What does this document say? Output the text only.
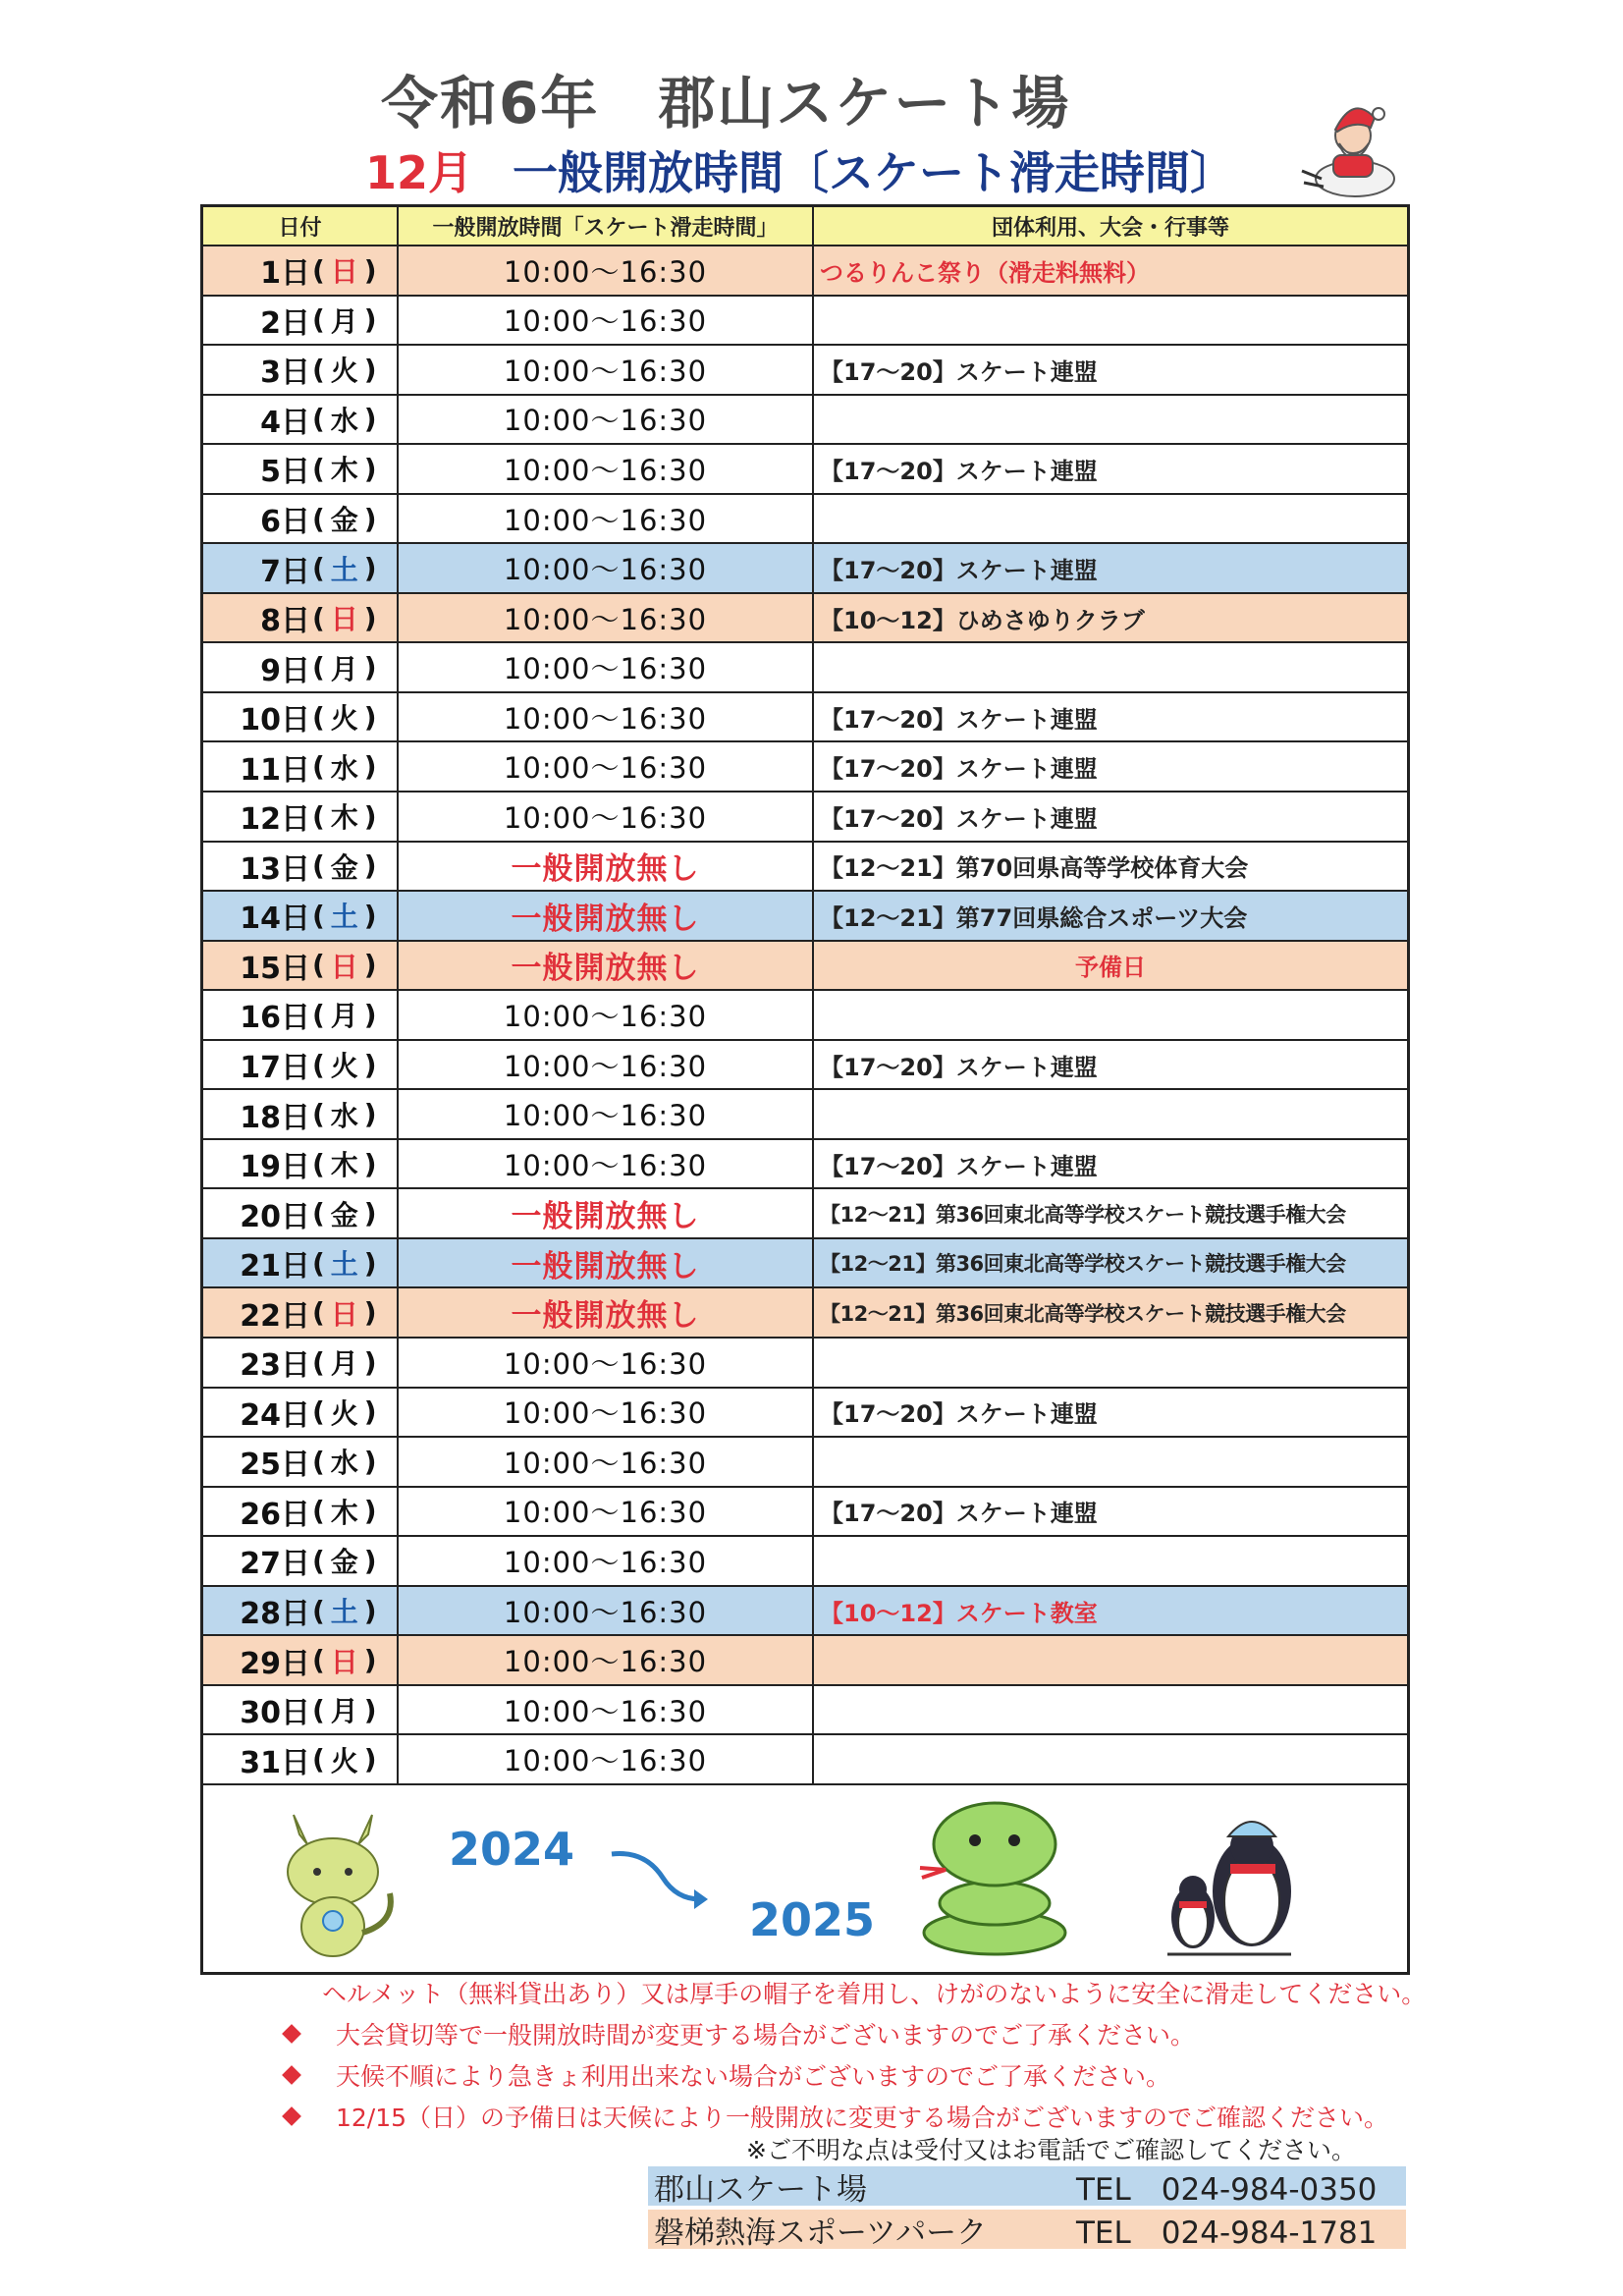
令和6年　郡山スケート場
12月 一般開放時間〔スケート滑走時間〕
日付	一般開放時間「スケート滑走時間」	団体利用、大会・行事等
1日 ( 日 )	10:00～16:30	つるりんこ祭り（滑走料無料）
2日 ( 月 )	10:00～16:30
3日 ( 火 )	10:00～16:30	【17～20】スケート連盟
4日 ( 水 )	10:00～16:30
5日 ( 木 )	10:00～16:30	【17～20】スケート連盟
6日 ( 金 )	10:00～16:30
7日 ( 土 )	10:00～16:30	【17～20】スケート連盟
8日 ( 日 )	10:00～16:30	【10～12】ひめさゆりクラブ
9日 ( 月 )	10:00～16:30
10日 ( 火 )	10:00～16:30	【17～20】スケート連盟
11日 ( 水 )	10:00～16:30	【17～20】スケート連盟
12日 ( 木 )	10:00～16:30	【17～20】スケート連盟
13日 ( 金 )	一般開放無し	【12～21】第70回県高等学校体育大会
14日 ( 土 )	一般開放無し	【12～21】第77回県総合スポーツ大会
15日 ( 日 )	一般開放無し	予備日
16日 ( 月 )	10:00～16:30
17日 ( 火 )	10:00～16:30	【17～20】スケート連盟
18日 ( 水 )	10:00～16:30
19日 ( 木 )	10:00～16:30	【17～20】スケート連盟
20日 ( 金 )	一般開放無し	【12～21】第36回東北高等学校スケート競技選手権大会
21日 ( 土 )	一般開放無し	【12～21】第36回東北高等学校スケート競技選手権大会
22日 ( 日 )	一般開放無し	【12～21】第36回東北高等学校スケート競技選手権大会
23日 ( 月 )	10:00～16:30
24日 ( 火 )	10:00～16:30	【17～20】スケート連盟
25日 ( 水 )	10:00～16:30
26日 ( 木 )	10:00～16:30	【17～20】スケート連盟
27日 ( 金 )	10:00～16:30
28日 ( 土 )	10:00～16:30	【10～12】スケート教室
29日 ( 日 )	10:00～16:30
30日 ( 月 )	10:00～16:30
31日 ( 火 )	10:00～16:30
2024
2025
ヘルメット（無料貸出あり）又は厚手の帽子を着用し、けがのないように安全に滑走してください。
大会貸切等で一般開放時間が変更する場合がございますのでご了承ください。
天候不順により急きょ利用出来ない場合がございますのでご了承ください。
12/15（日）の予備日は天候により一般開放に変更する場合がございますのでご確認ください。
※ご不明な点は受付又はお電話でご確認してください。
郡山スケート場	TEL　024-984-0350
磐梯熱海スポーツパーク	TEL　024-984-1781
